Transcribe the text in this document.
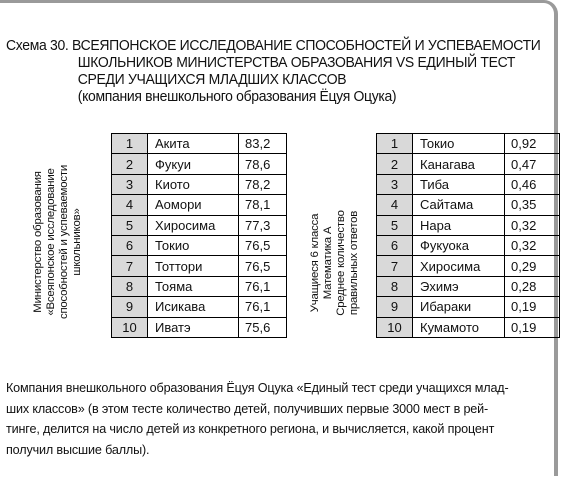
Схема 30. ВСЕЯПОНСКОЕ ИССЛЕДОВАНИЕ СПОСОБНОСТЕЙ И УСПЕВАЕМОСТИ
ШКОЛЬНИКОВ МИНИСТЕРСТВА ОБРАЗОВАНИЯ VS ЕДИНЫЙ ТЕСТ
СРЕДИ УЧАЩИХСЯ МЛАДШИХ КЛАССОВ
(компания внешкольного образования Ёцуя Оцука)
Министерство образования «Всеяпонское исследование способностей и успеваемости школьников»	Учащиеся 6 класса Математика А Среднее количество правильных ответов
1	Акита	83,2
2	Фукуи	78,6
3	Киото	78,2
4	Аомори	78,1
5	Хиросима	77,3
6	Токио	76,5
7	Тоттори	76,5
8	Тояма	76,1
9	Исикава	76,1
10	Иватэ	75,6
1	Токио	0,92
2	Канагава	0,47
3	Тиба	0,46
4	Сайтама	0,35
5	Нара	0,32
6	Фукуока	0,32
7	Хиросима	0,29
8	Эхимэ	0,28
9	Ибараки	0,19
10	Кумамото	0,19
Компания внешкольного образования Ёцуя Оцука «Единый тест среди учащихся млад-
ших классов» (в этом тесте количество детей, получивших первые 3000 мест в рей-
тинге, делится на число детей из конкретного региона, и вычисляется, какой процент
получил высшие баллы).
